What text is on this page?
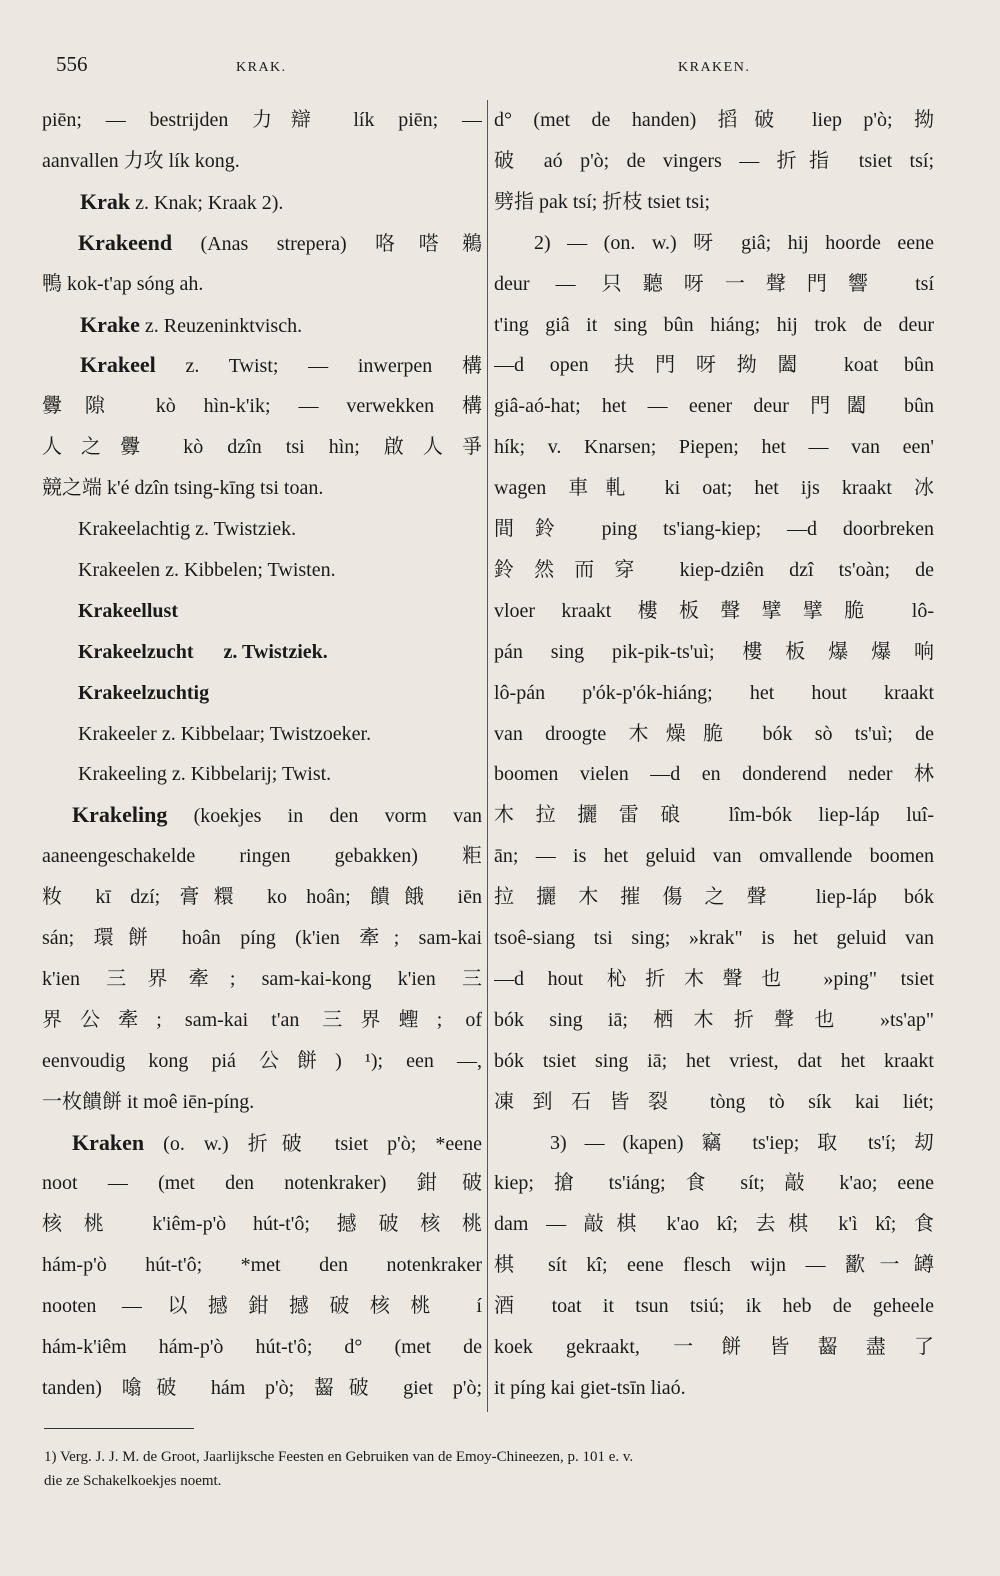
556	KRAK.	KRAKEN.
piēn; — bestrijden 力辯 lík piēn; —
aanvallen 力攻 lík kong.
Krak z. Knak; Kraak 2).
Krakeend (Anas strepera) 咯嗒鵜
鴨 kok-t'ap sóng ah.
Krake z. Reuzeninktvisch.
Krakeel z. Twist; — inwerpen 構
釁隙 kò hìn-k'ik; — verwekken 構
人之釁 kò dzîn tsi hìn; 啟人爭
競之端 k'é dzîn tsing-kīng tsi toan.
Krakeelachtig z. Twistziek.
Krakeelen z. Kibbelen; Twisten.
Krakeellust
Krakeelzucht      z. Twistziek.
Krakeelzuchtig
Krakeeler z. Kibbelaar; Twistzoeker.
Krakeeling z. Kibbelarij; Twist.
Krakeling (koekjes in den vorm van
aaneengeschakelde ringen gebakken) 粔
籹 kī dzí; 膏糫 ko hoân; 饋餓 iēn
sán; 環餅 hoân píng (k'ien 牽; sam-kai
k'ien 三界牽; sam-kai-kong k'ien 三
界公牽; sam-kai t'an 三界蟶; of
eenvoudig kong piá 公餅) ¹); een —,
一枚饋餅 it moê iēn-píng.
Kraken (o. w.) 折破 tsiet p'ò; *eene
noot — (met den notenkraker) 鉗破
核桃 k'iêm-p'ò hút-t'ô; 撼破核桃
hám-p'ò hút-t'ô; *met den notenkraker
nooten — 以撼鉗撼破核桃 í
hám-k'iêm hám-p'ò hút-t'ô; d° (met de
tanden) 噏破 hám p'ò; 齧破 giet p'ò;
d° (met de handen) 搯破 liep p'ò; 拗
破 aó p'ò; de vingers — 折指 tsiet tsí;
劈指 pak tsí; 折枝 tsiet tsi;
2) — (on. w.) 呀 giâ; hij hoorde eene
deur — 只聽呀一聲門響 tsí
t'ing giâ it sing bûn hiáng; hij trok de deur
—d open 抉門呀拗闔 koat bûn
giâ-aó-hat; het — eener deur 門闔 bûn
hík; v. Knarsen; Piepen; het — van een'
wagen 車軋 ki oat; het ijs kraakt 冰
間鈴 ping ts'iang-kiep; —d doorbreken
鈴然而穿 kiep-dziên dzî ts'oàn; de
vloer kraakt 樓板聲擘擘脆 lô-
pán sing pik-pik-ts'uì; 樓板爆爆响
lô-pán p'ók-p'ók-hiáng; het hout kraakt
van droogte 木燥脆 bók sò ts'uì; de
boomen vielen —d en donderend neder 林
木拉攦雷硠 lîm-bók liep-láp luî-
ān; — is het geluid van omvallende boomen
拉攦木摧傷之聲 liep-láp bók
tsoê-siang tsi sing; »krak" is het geluid van
—d hout 杺折木聲也 »ping" tsiet
bók sing iā; 栖木折聲也 »ts'ap"
bók tsiet sing iā; het vriest, dat het kraakt
凍到石皆裂 tòng tò sík kai liét;
3) — (kapen) 竊 ts'iep; 取 ts'í; 刧
kiep; 搶 ts'iáng; 食 sít; 敲 k'ao; eene
dam — 敲棋 k'ao kî; 去棋 k'ì kî; 食
棋 sít kî; eene flesch wijn — 歠一罇
酒 toat it tsun tsiú; ik heb de geheele
koek gekraakt, 一餅皆齧盡了
it píng kai giet-tsīn liaó.
1) Verg. J. J. M. de Groot, Jaarlijksche Feesten en Gebruiken van de Emoy-Chineezen, p. 101 e. v.
die ze Schakelkoekjes noemt.
